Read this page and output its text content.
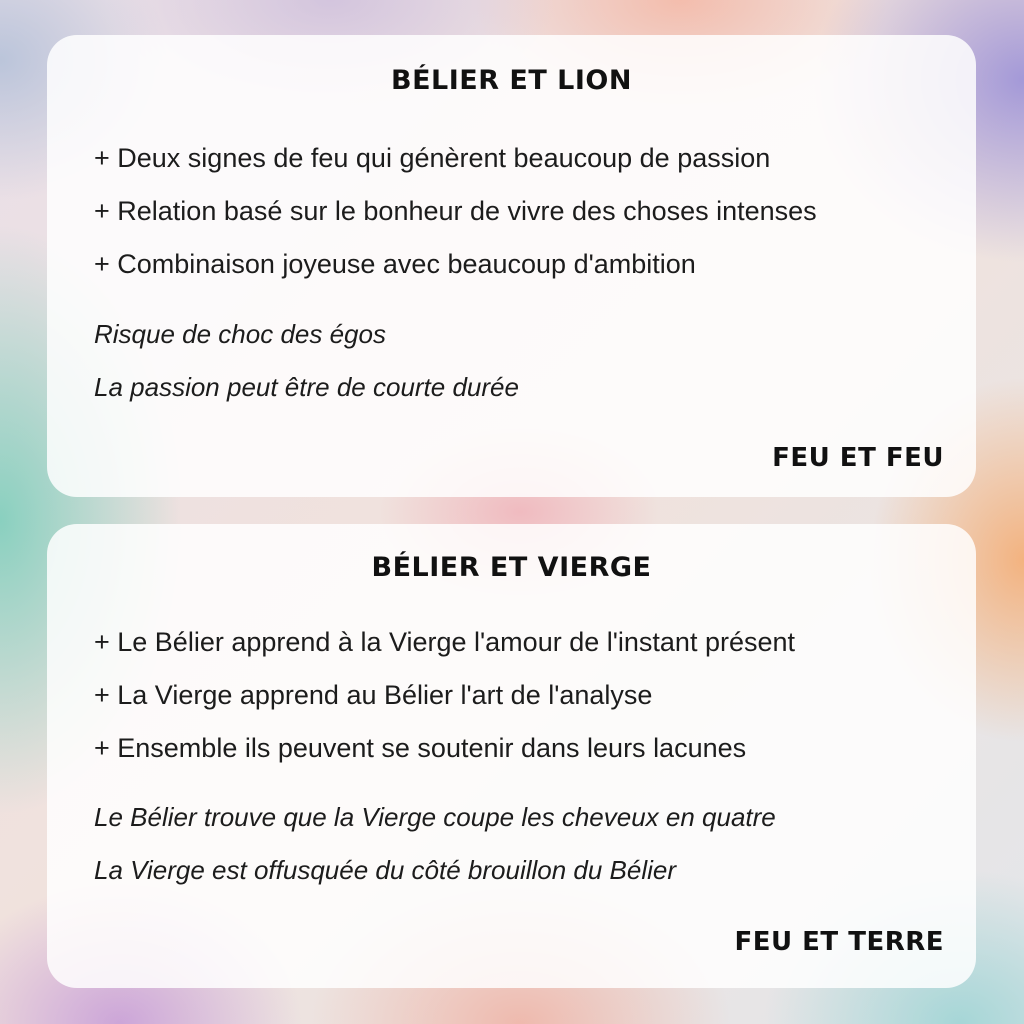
BÉLIER ET LION
+ Deux signes de feu qui génèrent beaucoup de passion
+ Relation basé sur le bonheur de vivre des choses intenses
+ Combinaison joyeuse avec beaucoup d'ambition
Risque de choc des égos
La passion peut être de courte durée
FEU ET FEU
BÉLIER ET VIERGE
+ Le Bélier apprend à la Vierge l'amour de l'instant présent
+ La Vierge apprend au Bélier l'art de l'analyse
+ Ensemble ils peuvent se soutenir dans leurs lacunes
Le Bélier trouve que la Vierge coupe les cheveux en quatre
La Vierge est offusquée du côté brouillon du Bélier
FEU ET TERRE
